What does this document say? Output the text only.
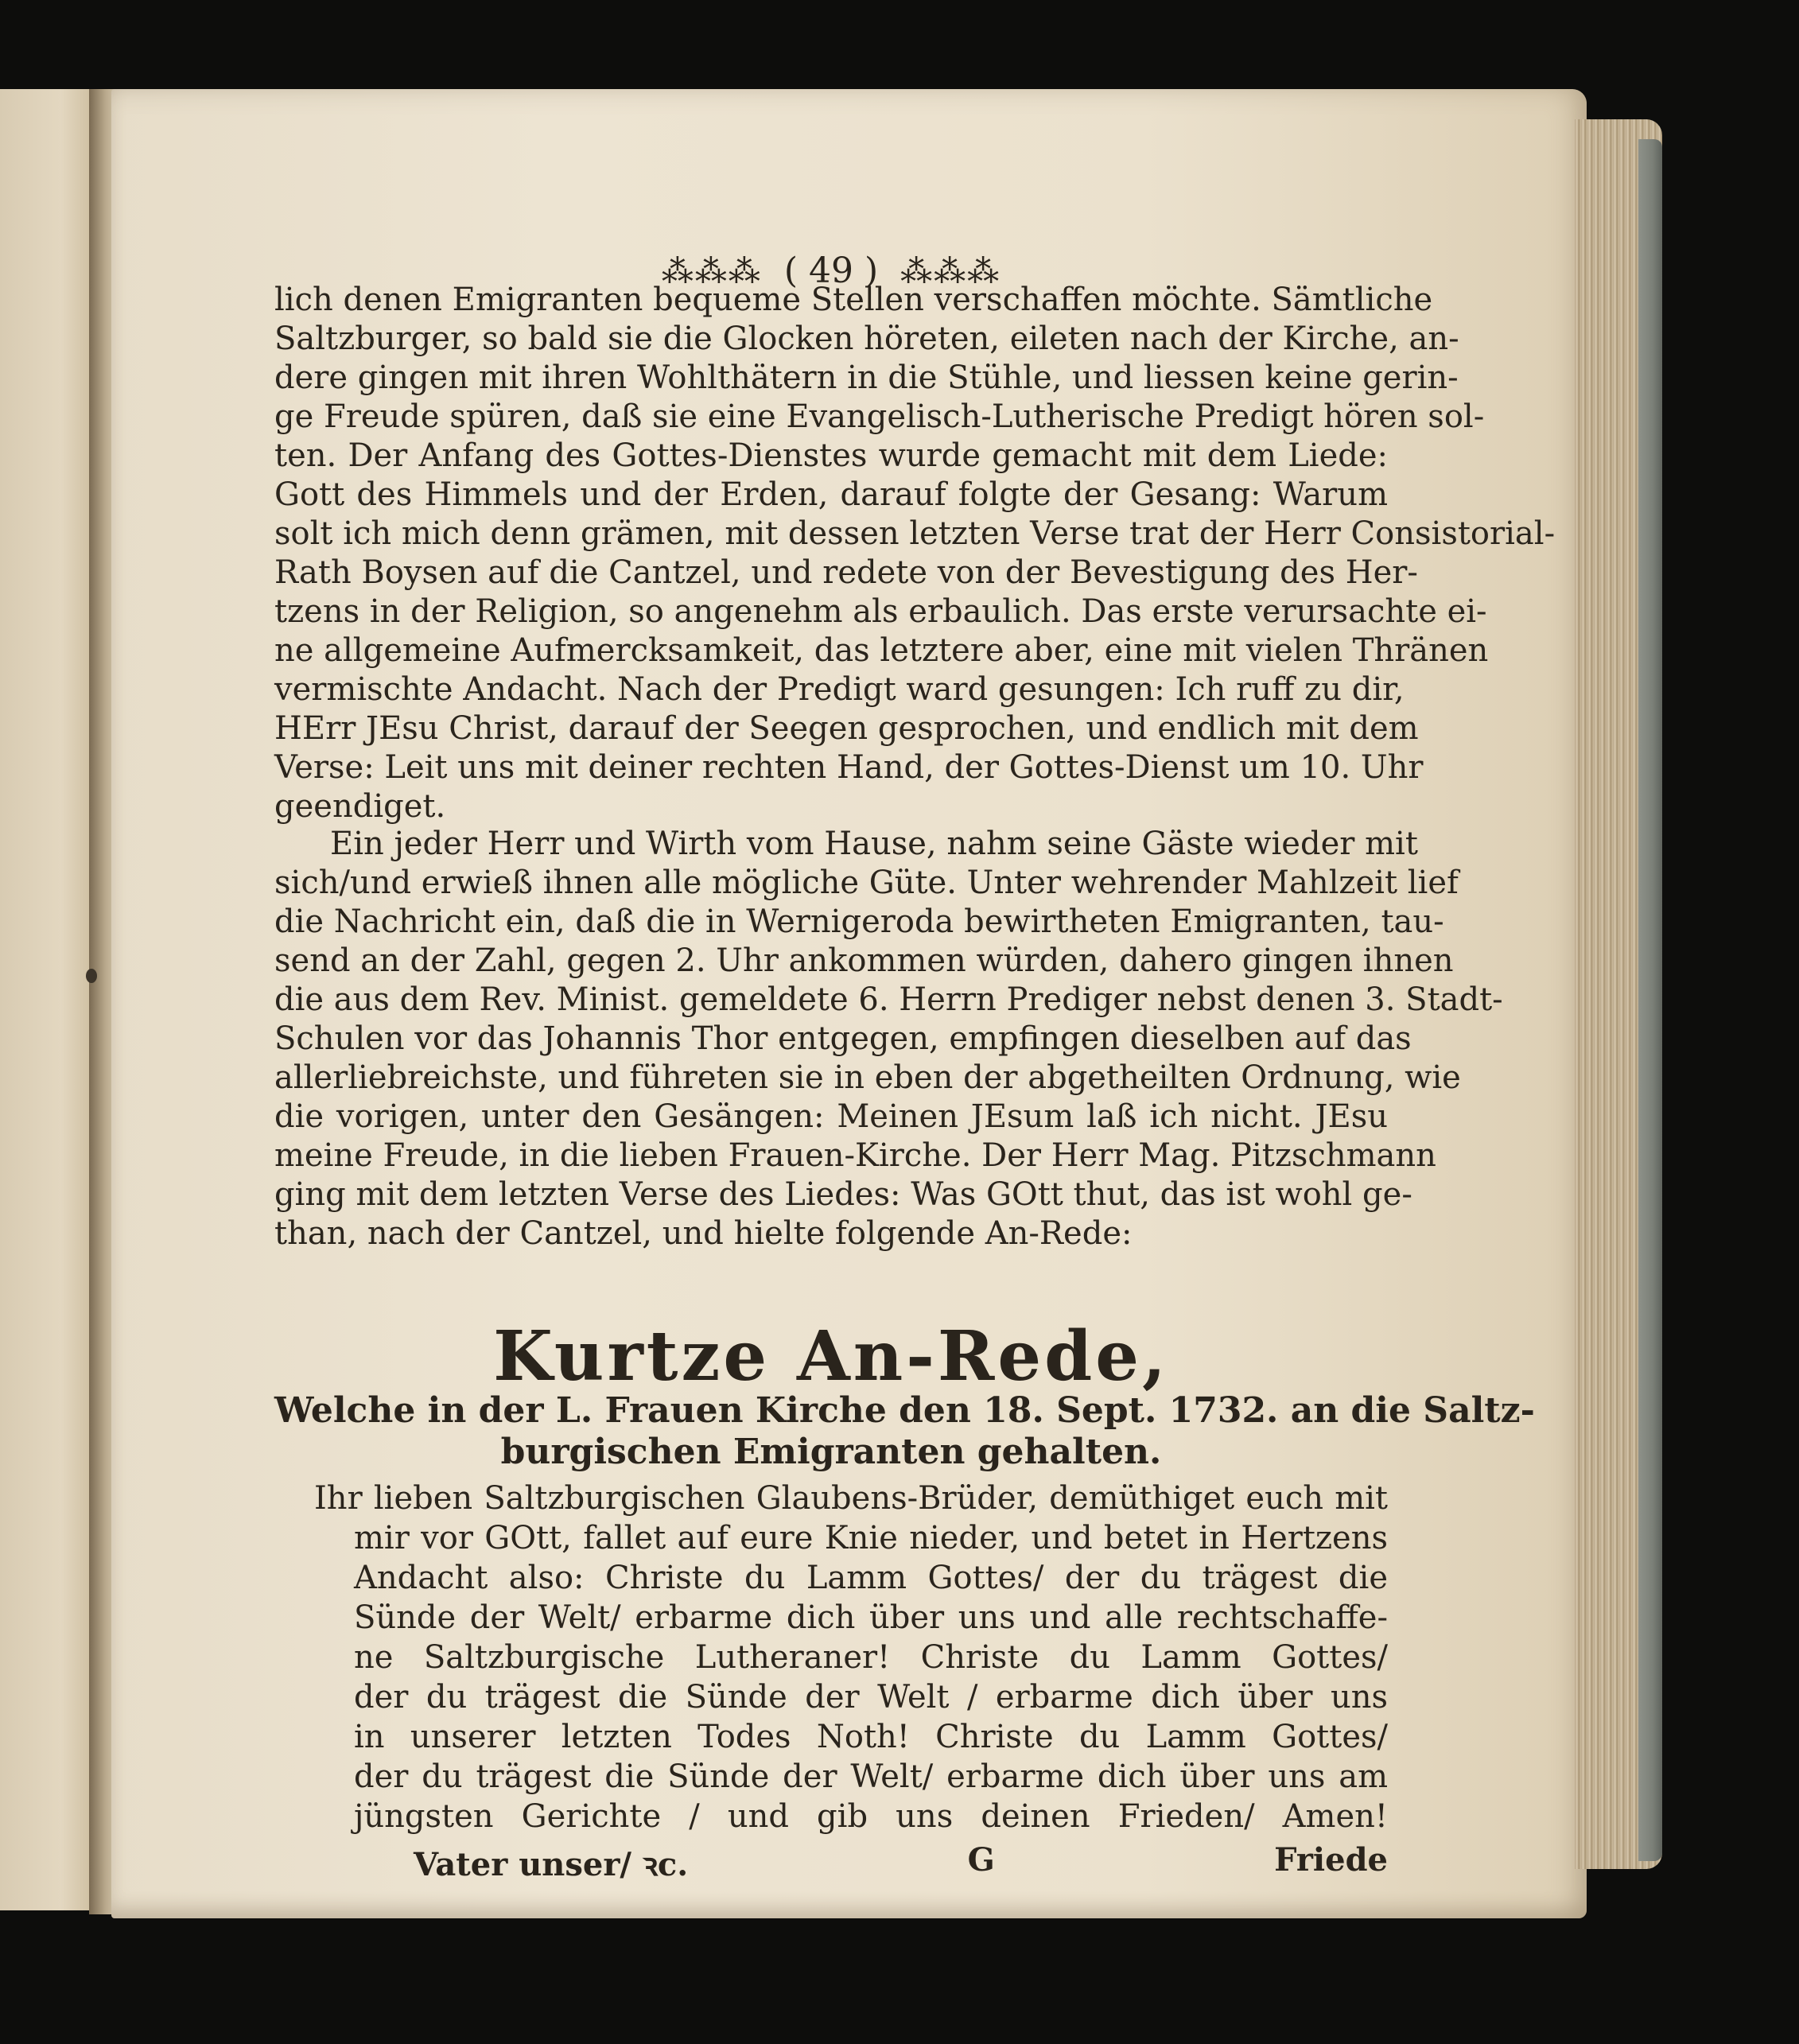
⁂⁂⁂ ( 49 ) ⁂⁂⁂
lich denen Emigranten bequeme Stellen verschaffen möchte. Sämtliche
Saltzburger, so bald sie die Glocken höreten, eileten nach der Kirche, an-
dere gingen mit ihren Wohlthätern in die Stühle, und liessen keine gerin-
ge Freude spüren, daß sie eine Evangelisch-Lutherische Predigt hören sol-
ten. Der Anfang des Gottes-Dienstes wurde gemacht mit dem Liede:
Gott des Himmels und der Erden, darauf folgte der Gesang: Warum
solt ich mich denn grämen, mit dessen letzten Verse trat der Herr Consistorial-
Rath Boysen auf die Cantzel, und redete von der Bevestigung des Her-
tzens in der Religion, so angenehm als erbaulich. Das erste verursachte ei-
ne allgemeine Aufmercksamkeit, das letztere aber, eine mit vielen Thränen
vermischte Andacht. Nach der Predigt ward gesungen: Ich ruff zu dir,
HErr JEsu Christ, darauf der Seegen gesprochen, und endlich mit dem
Verse: Leit uns mit deiner rechten Hand, der Gottes-Dienst um 10. Uhr
geendiget.
Ein jeder Herr und Wirth vom Hause, nahm seine Gäste wieder mit
sich/und erwieß ihnen alle mögliche Güte. Unter wehrender Mahlzeit lief
die Nachricht ein, daß die in Wernigeroda bewirtheten Emigranten, tau-
send an der Zahl, gegen 2. Uhr ankommen würden, dahero gingen ihnen
die aus dem Rev. Minist. gemeldete 6. Herrn Prediger nebst denen 3. Stadt-
Schulen vor das Johannis Thor entgegen, empfingen dieselben auf das
allerliebreichste, und führeten sie in eben der abgetheilten Ordnung, wie
die vorigen, unter den Gesängen: Meinen JEsum laß ich nicht. JEsu
meine Freude, in die lieben Frauen-Kirche. Der Herr Mag. Pitzschmann
ging mit dem letzten Verse des Liedes: Was GOtt thut, das ist wohl ge-
than, nach der Cantzel, und hielte folgende An-Rede:
Kurtze An-Rede,
Welche in der L. Frauen Kirche den 18. Sept. 1732. an die Saltz-
burgischen Emigranten gehalten.
Ihr lieben Saltzburgischen Glaubens-Brüder, demüthiget euch mit
mir vor GOtt, fallet auf eure Knie nieder, und betet in Hertzens
Andacht also: Christe du Lamm Gottes/ der du trägest die
Sünde der Welt/ erbarme dich über uns und alle rechtschaffe-
ne Saltzburgische Lutheraner! Christe du Lamm Gottes/
der du trägest die Sünde der Welt / erbarme dich über uns
in unserer letzten Todes Noth! Christe du Lamm Gottes/
der du trägest die Sünde der Welt/ erbarme dich über uns am
jüngsten Gerichte / und gib uns deinen Frieden/ Amen!
Vater unser/ ꝛc.	G	Friede
